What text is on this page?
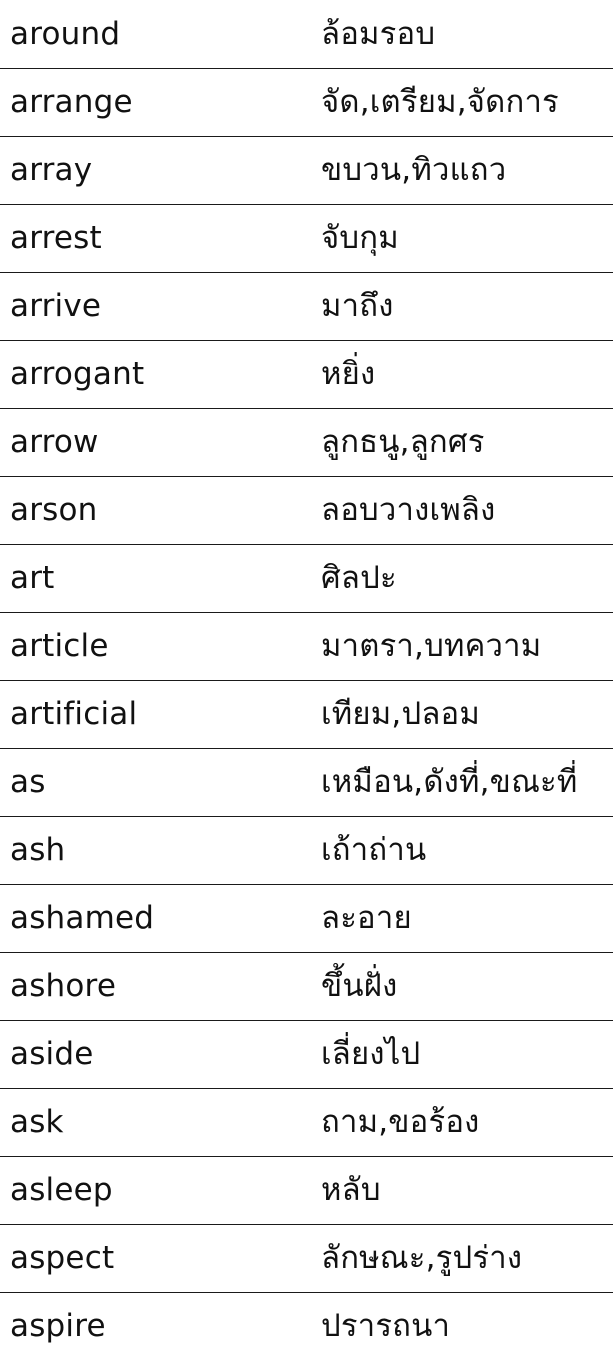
around	ล้อมรอบ
arrange	จัด,เตรียม,จัดการ
array	ขบวน,ทิวแถว
arrest	จับกุม
arrive	มาถึง
arrogant	หยิ่ง
arrow	ลูกธนู,ลูกศร
arson	ลอบวางเพลิง
art	ศิลปะ
article	มาตรา,บทความ
artificial	เทียม,ปลอม
as	เหมือน,ดังที่,ขณะที่
ash	เถ้าถ่าน
ashamed	ละอาย
ashore	ขึ้นฝั่ง
aside	เลี่ยงไป
ask	ถาม,ขอร้อง
asleep	หลับ
aspect	ลักษณะ,รูปร่าง
aspire	ปรารถนา
